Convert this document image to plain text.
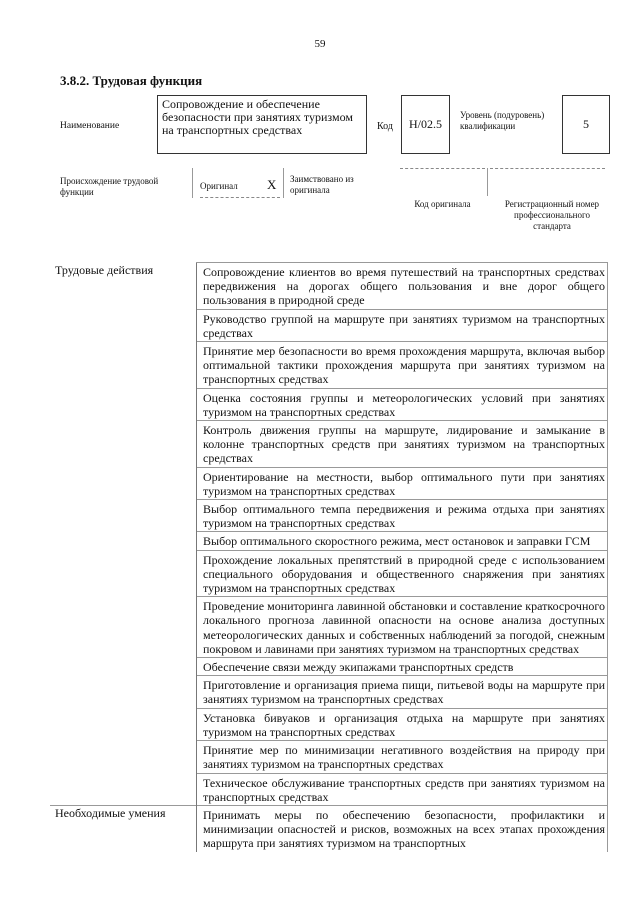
59
3.8.2. Трудовая функция
Наименование
Сопровождение и обеспечение безопасности при занятиях туризмом на транспортных средствах	Код	Н/02.5
Уровень (подуровень) квалификации	5
Происхождение трудовой функции
Оригинал X Заимствовано из оригинала
Код оригинала	Регистрационный номер профессионального стандарта
Трудовые действия	Сопровождение клиентов во время путешествий на транспортных средствах передвижения на дорогах общего пользования и вне дорог общего пользования в природной среде
	Руководство группой на маршруте при занятиях туризмом на транспортных средствах
	Принятие мер безопасности во время прохождения маршрута, включая выбор оптимальной тактики прохождения маршрута при занятиях туризмом на транспортных средствах
	Оценка состояния группы и метеорологических условий при занятиях туризмом на транспортных средствах
	Контроль движения группы на маршруте, лидирование и замыкание в колонне транспортных средств при занятиях туризмом на транспортных средствах
	Ориентирование на местности, выбор оптимального пути при занятиях туризмом на транспортных средствах
	Выбор оптимального темпа передвижения и режима отдыха при занятиях туризмом на транспортных средствах
	Выбор оптимального скоростного режима, мест остановок и заправки ГСМ
	Прохождение локальных препятствий в природной среде с использованием специального оборудования и общественного снаряжения при занятиях туризмом на транспортных средствах
	Проведение мониторинга лавинной обстановки и составление краткосрочного локального прогноза лавинной опасности на основе анализа доступных метеорологических данных и собственных наблюдений за погодой, снежным покровом и лавинами при занятиях туризмом на транспортных средствах
	Обеспечение связи между экипажами транспортных средств
	Приготовление и организация приема пищи, питьевой воды на маршруте при занятиях туризмом на транспортных средствах
	Установка бивуаков и организация отдыха на маршруте при занятиях туризмом на транспортных средствах
	Принятие мер по минимизации негативного воздействия на природу при занятиях туризмом на транспортных средствах
	Техническое обслуживание транспортных средств при занятиях туризмом на транспортных средствах
Необходимые умения	Принимать меры по обеспечению безопасности, профилактики и минимизации опасностей и рисков, возможных на всех этапах прохождения маршрута при занятиях туризмом на транспортных
